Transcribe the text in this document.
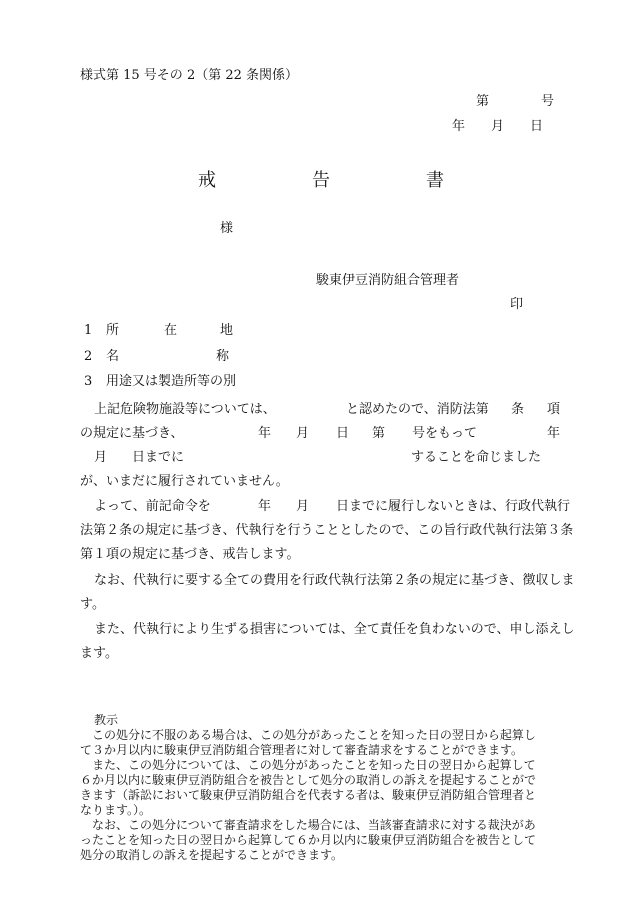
様式第 15 号その 2（第 22 条関係）
第　　　　号
年　　月　　日
戒	告	書
様
駿東伊豆消防組合管理者
印
1 所	在	地
2 名	称
3 用途又は製造所等の別
上記危険物施設等については、	と認めたので、消防法第 条 項
の規定に基づき、	年 月 日 第 号をもって	年
月 日までに	することを命じました
が、いまだに履行されていません。
よって、前記命令を	年 月 日までに履行しないときは、行政代執行
法第２条の規定に基づき、代執行を行うこととしたので、この旨行政代執行法第３条
第１項の規定に基づき、戒告します。
なお、代執行に要する全ての費用を行政代執行法第２条の規定に基づき、徴収しま
す。
また、代執行により生ずる損害については、全て責任を負わないので、申し添えし
ます。
教示
この処分に不服のある場合は、この処分があったことを知った日の翌日から起算し
て３か月以内に駿東伊豆消防組合管理者に対して審査請求をすることができます。
また、この処分については、この処分があったことを知った日の翌日から起算して
６か月以内に駿東伊豆消防組合を被告として処分の取消しの訴えを提起することがで
きます（訴訟において駿東伊豆消防組合を代表する者は、駿東伊豆消防組合管理者と
なります。）。
なお、この処分について審査請求をした場合には、当該審査請求に対する裁決があ
ったことを知った日の翌日から起算して６か月以内に駿東伊豆消防組合を被告として
処分の取消しの訴えを提起することができます。
